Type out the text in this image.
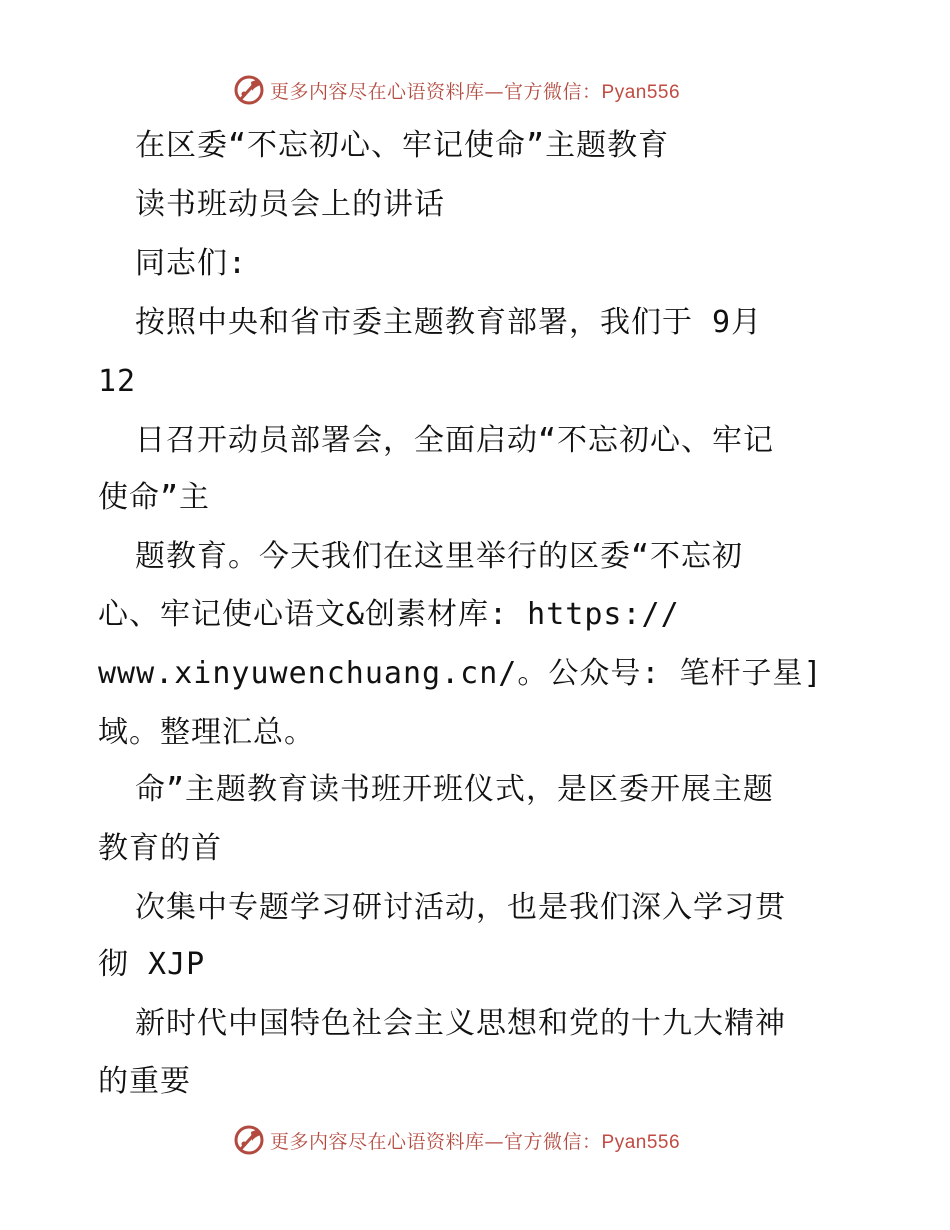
更多内容尽在心语资料库—官方微信：Pyan556
在区委“不忘初心、牢记使命”主题教育
读书班动员会上的讲话
同志们:
按照中央和省市委主题教育部署，我们于 9月
12
日召开动员部署会，全面启动“不忘初心、牢记
使命”主
题教育。今天我们在这里举行的区委“不忘初
心、牢记使心语文&创素材库: https://
www.xinyuwenchuang.cn/。公众号: 笔杆子星]
域。整理汇总。
命”主题教育读书班开班仪式，是区委开展主题
教育的首
次集中专题学习研讨活动，也是我们深入学习贯
彻 XJP
新时代中国特色社会主义思想和党的十九大精神
的重要
更多内容尽在心语资料库—官方微信：Pyan556
